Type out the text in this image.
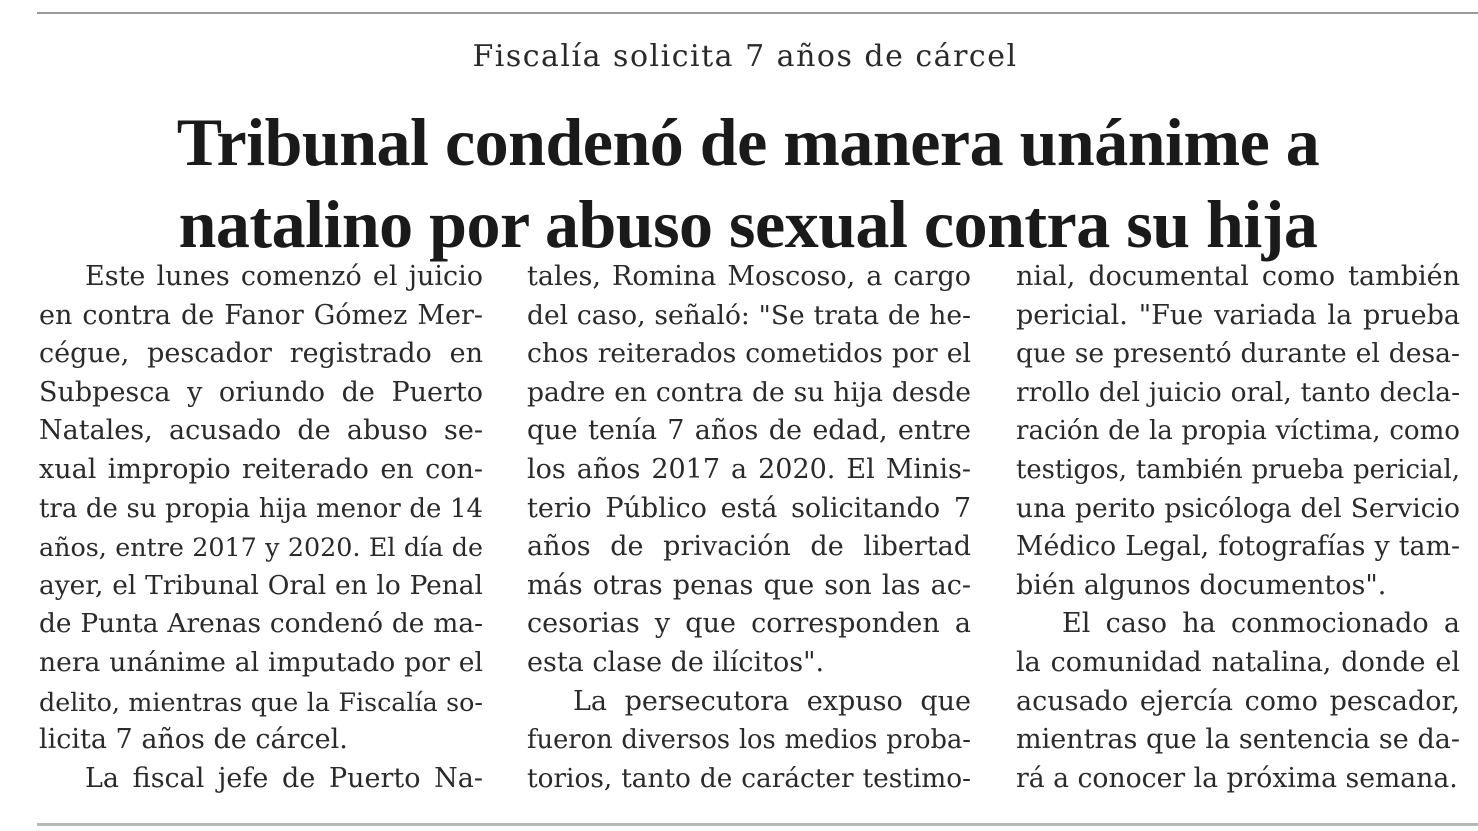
Fiscalía solicita 7 años de cárcel
Tribunal condenó de manera unánime a
natalino por abuso sexual contra su hija
Este lunes comenzó el juicio
en contra de Fanor Gómez Mer-
cégue, pescador registrado en
Subpesca y oriundo de Puerto
Natales, acusado de abuso se-
xual impropio reiterado en con-
tra de su propia hija menor de 14
años, entre 2017 y 2020. El día de
ayer, el Tribunal Oral en lo Penal
de Punta Arenas condenó de ma-
nera unánime al imputado por el
delito, mientras que la Fiscalía so-
licita 7 años de cárcel.
La fiscal jefe de Puerto Na-
tales, Romina Moscoso, a cargo
del caso, señaló: "Se trata de he-
chos reiterados cometidos por el
padre en contra de su hija desde
que tenía 7 años de edad, entre
los años 2017 a 2020. El Minis-
terio Público está solicitando 7
años de privación de libertad
más otras penas que son las ac-
cesorias y que corresponden a
esta clase de ilícitos".
La persecutora expuso que
fueron diversos los medios proba-
torios, tanto de carácter testimo-
nial, documental como también
pericial. "Fue variada la prueba
que se presentó durante el desa-
rrollo del juicio oral, tanto decla-
ración de la propia víctima, como
testigos, también prueba pericial,
una perito psicóloga del Servicio
Médico Legal, fotografías y tam-
bién algunos documentos".
El caso ha conmocionado a
la comunidad natalina, donde el
acusado ejercía como pescador,
mientras que la sentencia se da-
rá a conocer la próxima semana.
